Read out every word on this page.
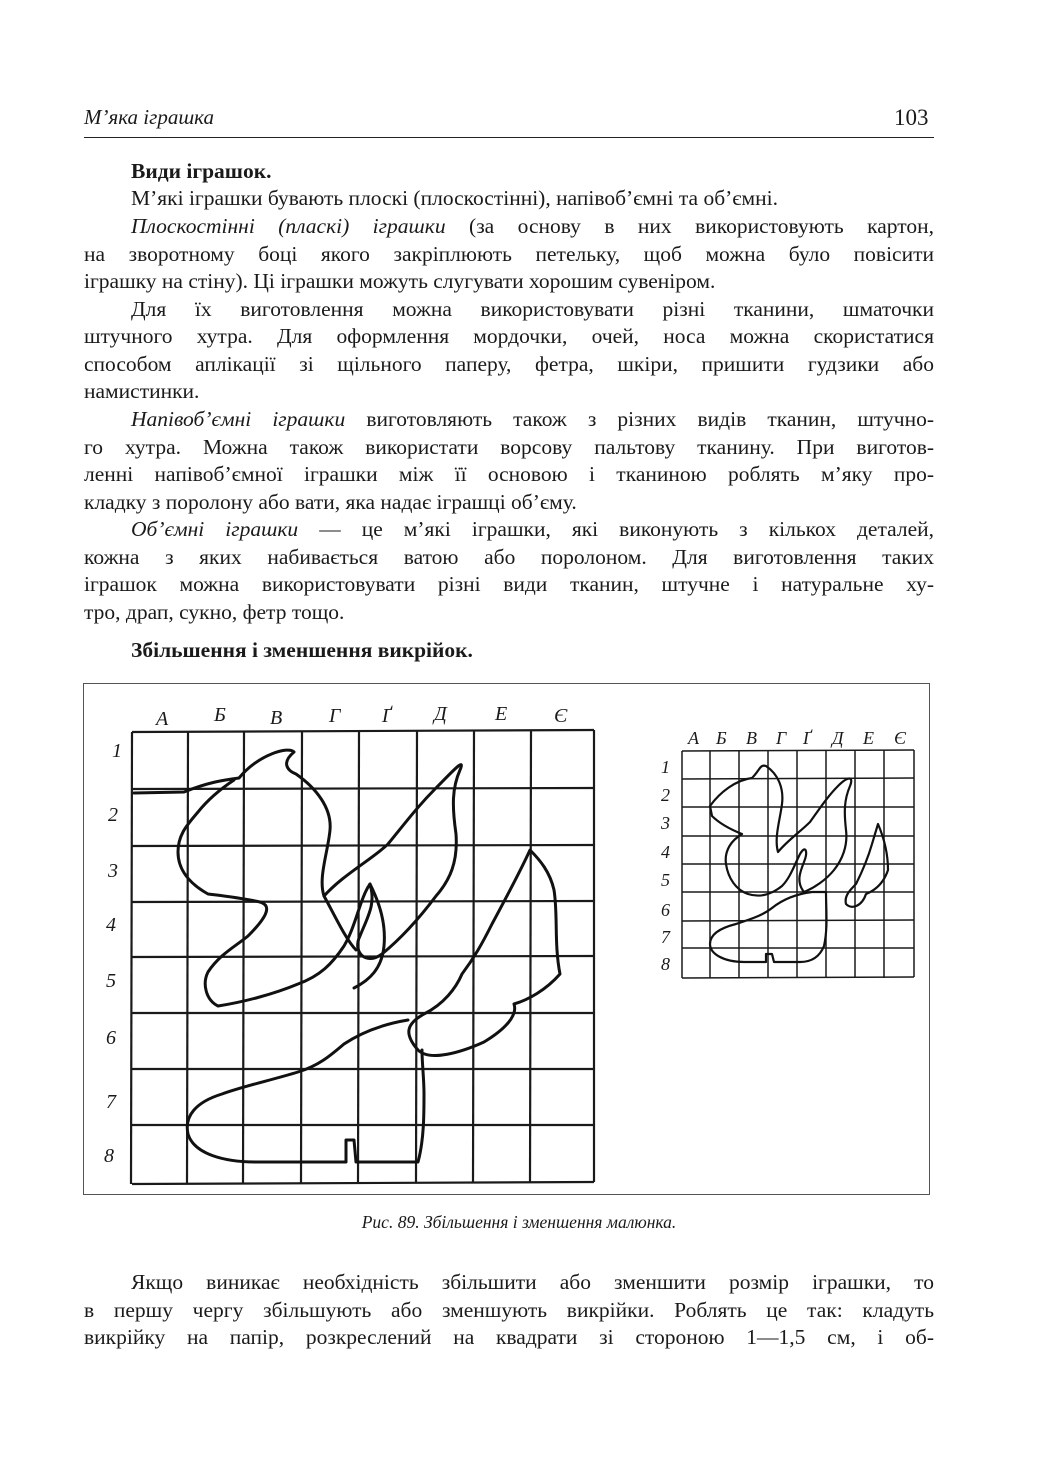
М’яка іграшка	103
Види іграшок.
М’які іграшки бувають плоскі (плоскостінні), напівоб’ємні та об’ємні.
Плоскостінні (пласкі) іграшки (за основу в них використовують картон,
на зворотному боці якого закріплюють петельку, щоб можна було повісити
іграшку на стіну). Ці іграшки можуть слугувати хорошим сувеніром.
Для їх виготовлення можна використовувати різні тканини, шматочки
штучного хутра. Для оформлення мордочки, очей, носа можна скористатися
способом аплікації зі щільного паперу, фетра, шкіри, пришити гудзики або
намистинки.
Напівоб’ємні іграшки виготовляють також з різних видів тканин, штучно-
го хутра. Можна також використати ворсову пальтову тканину. При виготов-
ленні напівоб’ємної іграшки між її основою і тканиною роблять м’яку про-
кладку з поролону або вати, яка надає іграшці об’єму.
Об’ємні іграшки — це м’які іграшки, які виконують з кількох деталей,
кожна з яких набивається ватою або поролоном. Для виготовлення таких
іграшок можна використовувати різні види тканин, штучне і натуральне ху-
тро, драп, сукно, фетр тощо.
Збільшення і зменшення викрійок.
А Б В Г Ґ Д Е Є
1
2
3
4
5
6
7
8
А Б В Г Ґ Д Е Є
1
2
3
4
5
6
7
8
Рис. 89. Збільшення і зменшення малюнка.
Якщо виникає необхідність збільшити або зменшити розмір іграшки, то
в першу чергу збільшують або зменшують викрійки. Роблять це так: кладуть
викрійку на папір, розкреслений на квадрати зі стороною 1—1,5 см, і об-
